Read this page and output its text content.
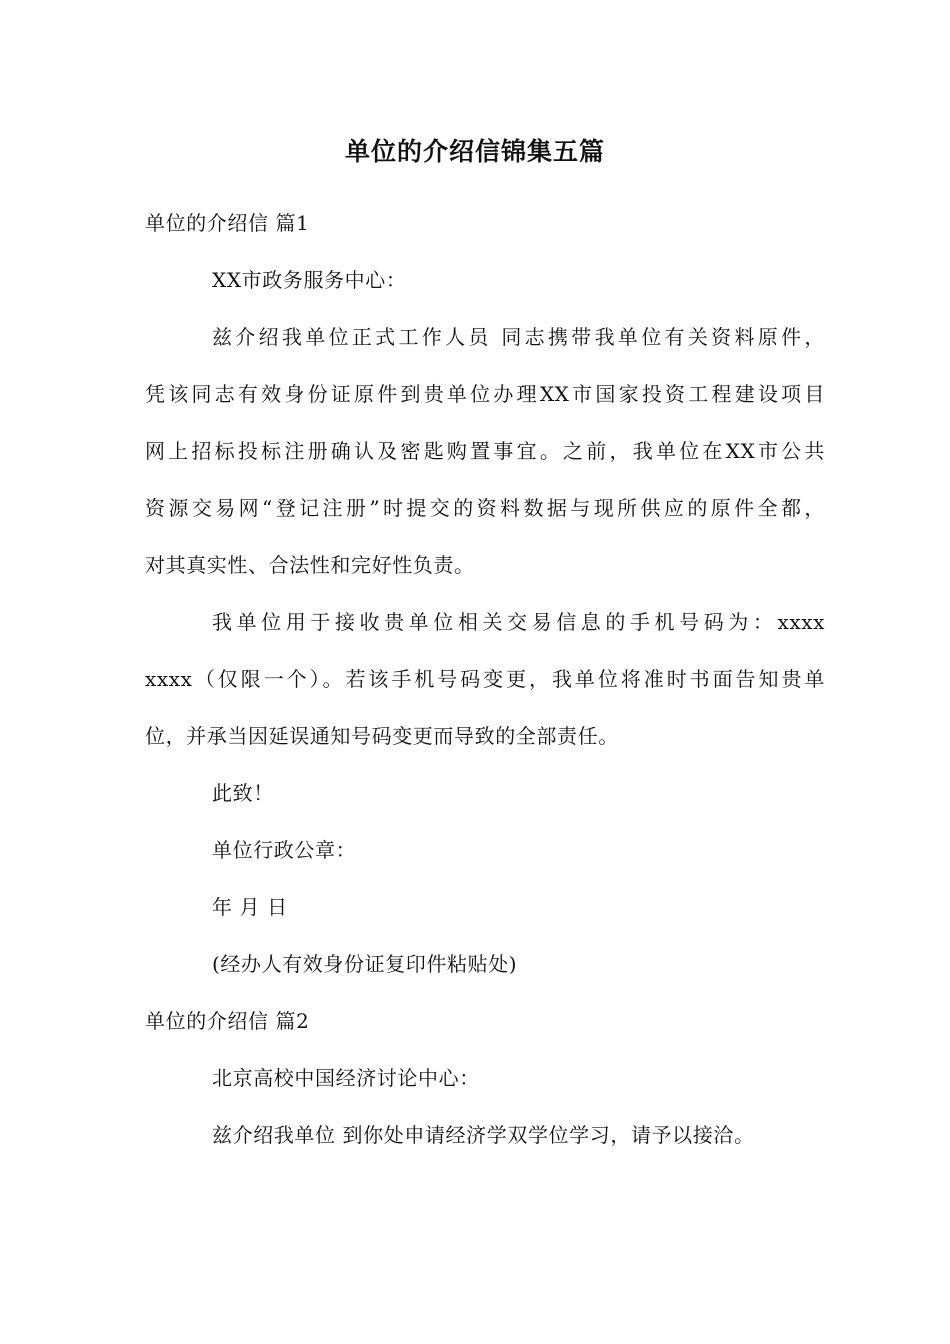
单位的介绍信锦集五篇
单位的介绍信 篇1
XX市政务服务中心：
兹介绍我单位正式工作人员 同志携带我单位有关资料原件，
凭该同志有效身份证原件到贵单位办理XX市国家投资工程建设项目
网上招标投标注册确认及密匙购置事宜。之前，我单位在XX市公共
资源交易网“登记注册”时提交的资料数据与现所供应的原件全都，
对其真实性、合法性和完好性负责。
我单位用于接收贵单位相关交易信息的手机号码为：xxxx
xxxx（仅限一个）。若该手机号码变更，我单位将准时书面告知贵单
位，并承当因延误通知号码变更而导致的全部责任。
此致！
单位行政公章：
年 月 日
(经办人有效身份证复印件粘贴处)
单位的介绍信 篇2
北京高校中国经济讨论中心：
兹介绍我单位 到你处申请经济学双学位学习，请予以接洽。
